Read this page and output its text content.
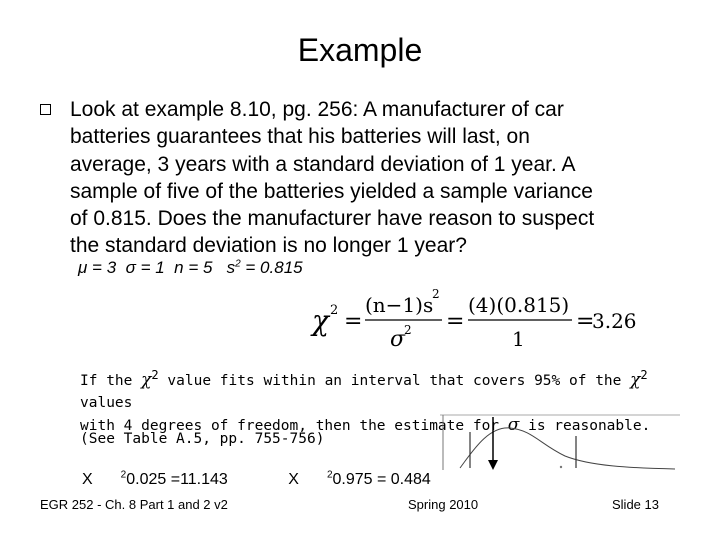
Example
Look at example 8.10, pg. 256: A manufacturer of car
batteries guarantees that his batteries will last, on
average, 3 years with a standard deviation of 1 year. A
sample of five of the batteries yielded a sample variance
of 0.815. Does the manufacturer have reason to suspect
the standard deviation is no longer 1 year?
μ = 3 σ = 1 n = 5 $s^2 = 0.815$
χ 2 =
(n−1)s
2
σ
2 =
(4)(0.815)
1
=
3.26
If the $\chi^2$ value fits within an interval that covers 95% of the $\chi^2$ values
with 4 degrees of freedom, then the estimate for σ is reasonable.
(See Table A.5, pp. 755-756)
X	$^2$0.025 =11.143	X	$^2$0.975 = 0.484
EGR 252 - Ch. 8 Part 1 and 2 v2	Spring 2010	Slide 13
